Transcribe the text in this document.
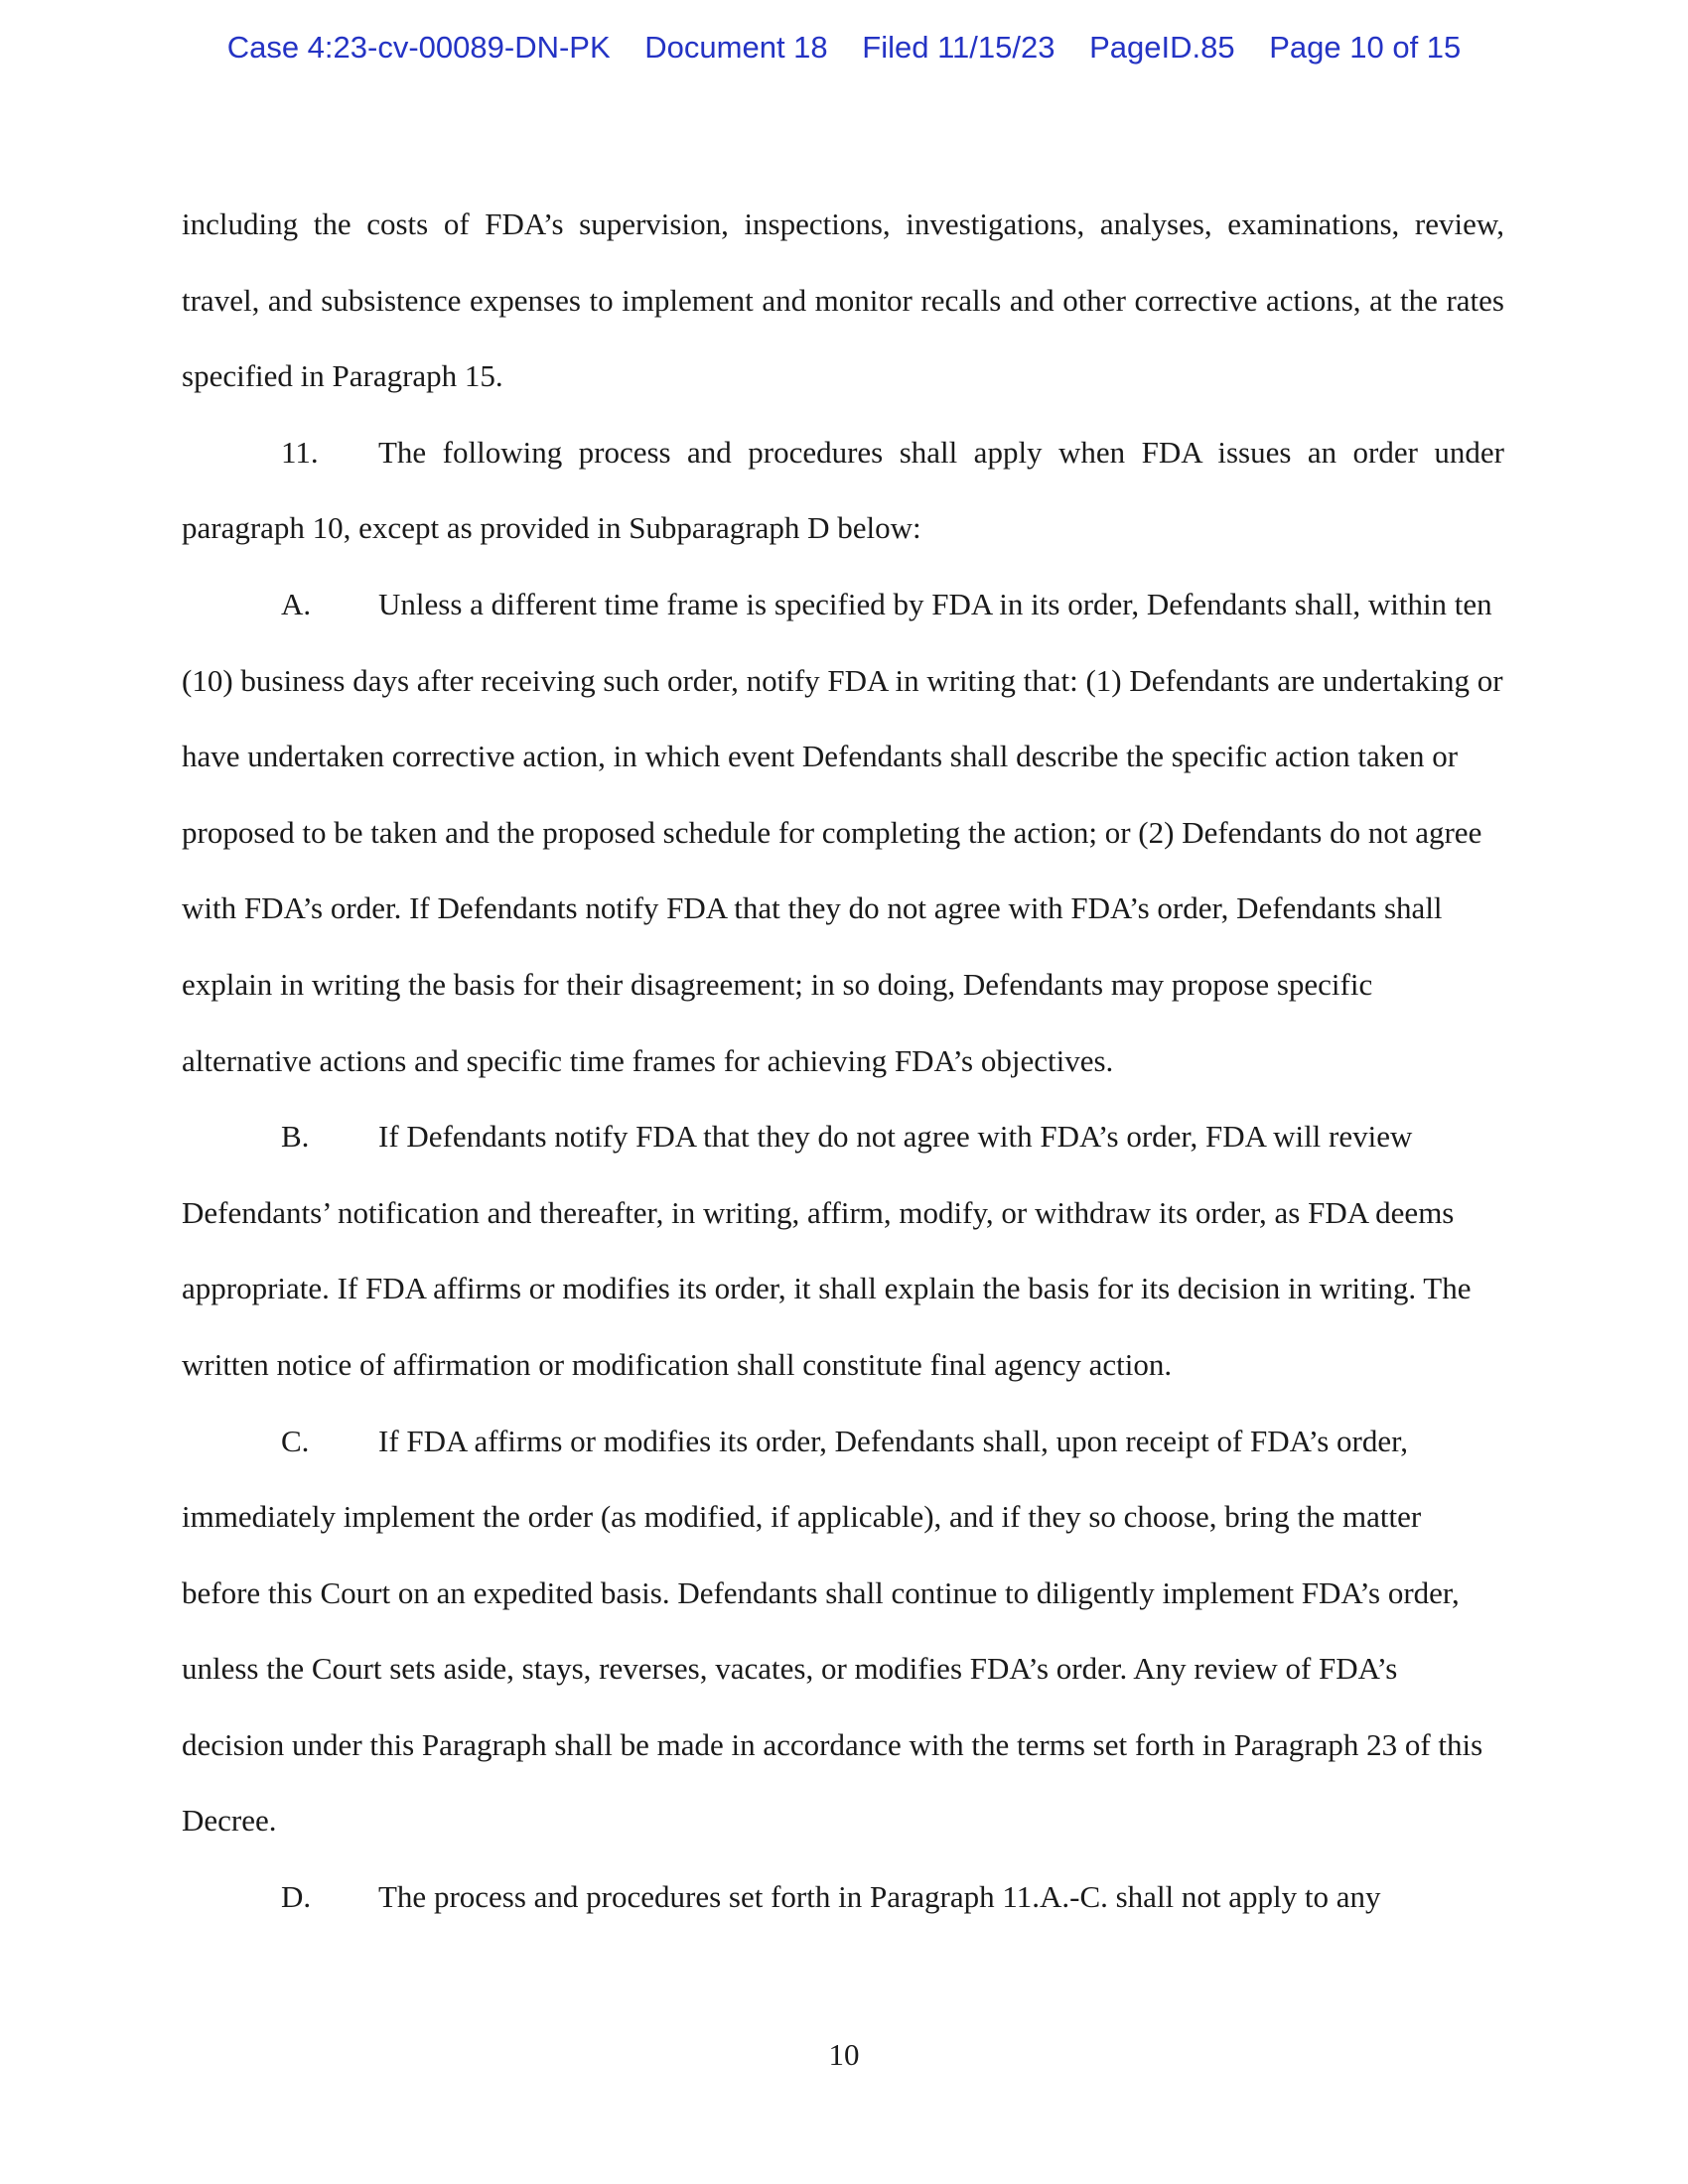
Case 4:23-cv-00089-DN-PK Document 18 Filed 11/15/23 PageID.85 Page 10 of 15

including the costs of FDA’s supervision, inspections, investigations, analyses, examinations, review, travel, and subsistence expenses to implement and monitor recalls and other corrective actions, at the rates specified in Paragraph 15.

11. The following process and procedures shall apply when FDA issues an order under paragraph 10, except as provided in Subparagraph D below:

A. Unless a different time frame is specified by FDA in its order, Defendants shall, within ten (10) business days after receiving such order, notify FDA in writing that: (1) Defendants are undertaking or have undertaken corrective action, in which event Defendants shall describe the specific action taken or proposed to be taken and the proposed schedule for completing the action; or (2) Defendants do not agree with FDA’s order. If Defendants notify FDA that they do not agree with FDA’s order, Defendants shall explain in writing the basis for their disagreement; in so doing, Defendants may propose specific alternative actions and specific time frames for achieving FDA’s objectives.

B. If Defendants notify FDA that they do not agree with FDA’s order, FDA will review Defendants’ notification and thereafter, in writing, affirm, modify, or withdraw its order, as FDA deems appropriate. If FDA affirms or modifies its order, it shall explain the basis for its decision in writing. The written notice of affirmation or modification shall constitute final agency action.

C. If FDA affirms or modifies its order, Defendants shall, upon receipt of FDA’s order, immediately implement the order (as modified, if applicable), and if they so choose, bring the matter before this Court on an expedited basis. Defendants shall continue to diligently implement FDA’s order, unless the Court sets aside, stays, reverses, vacates, or modifies FDA’s order. Any review of FDA’s decision under this Paragraph shall be made in accordance with the terms set forth in Paragraph 23 of this Decree.

D. The process and procedures set forth in Paragraph 11.A.-C. shall not apply to any

10
